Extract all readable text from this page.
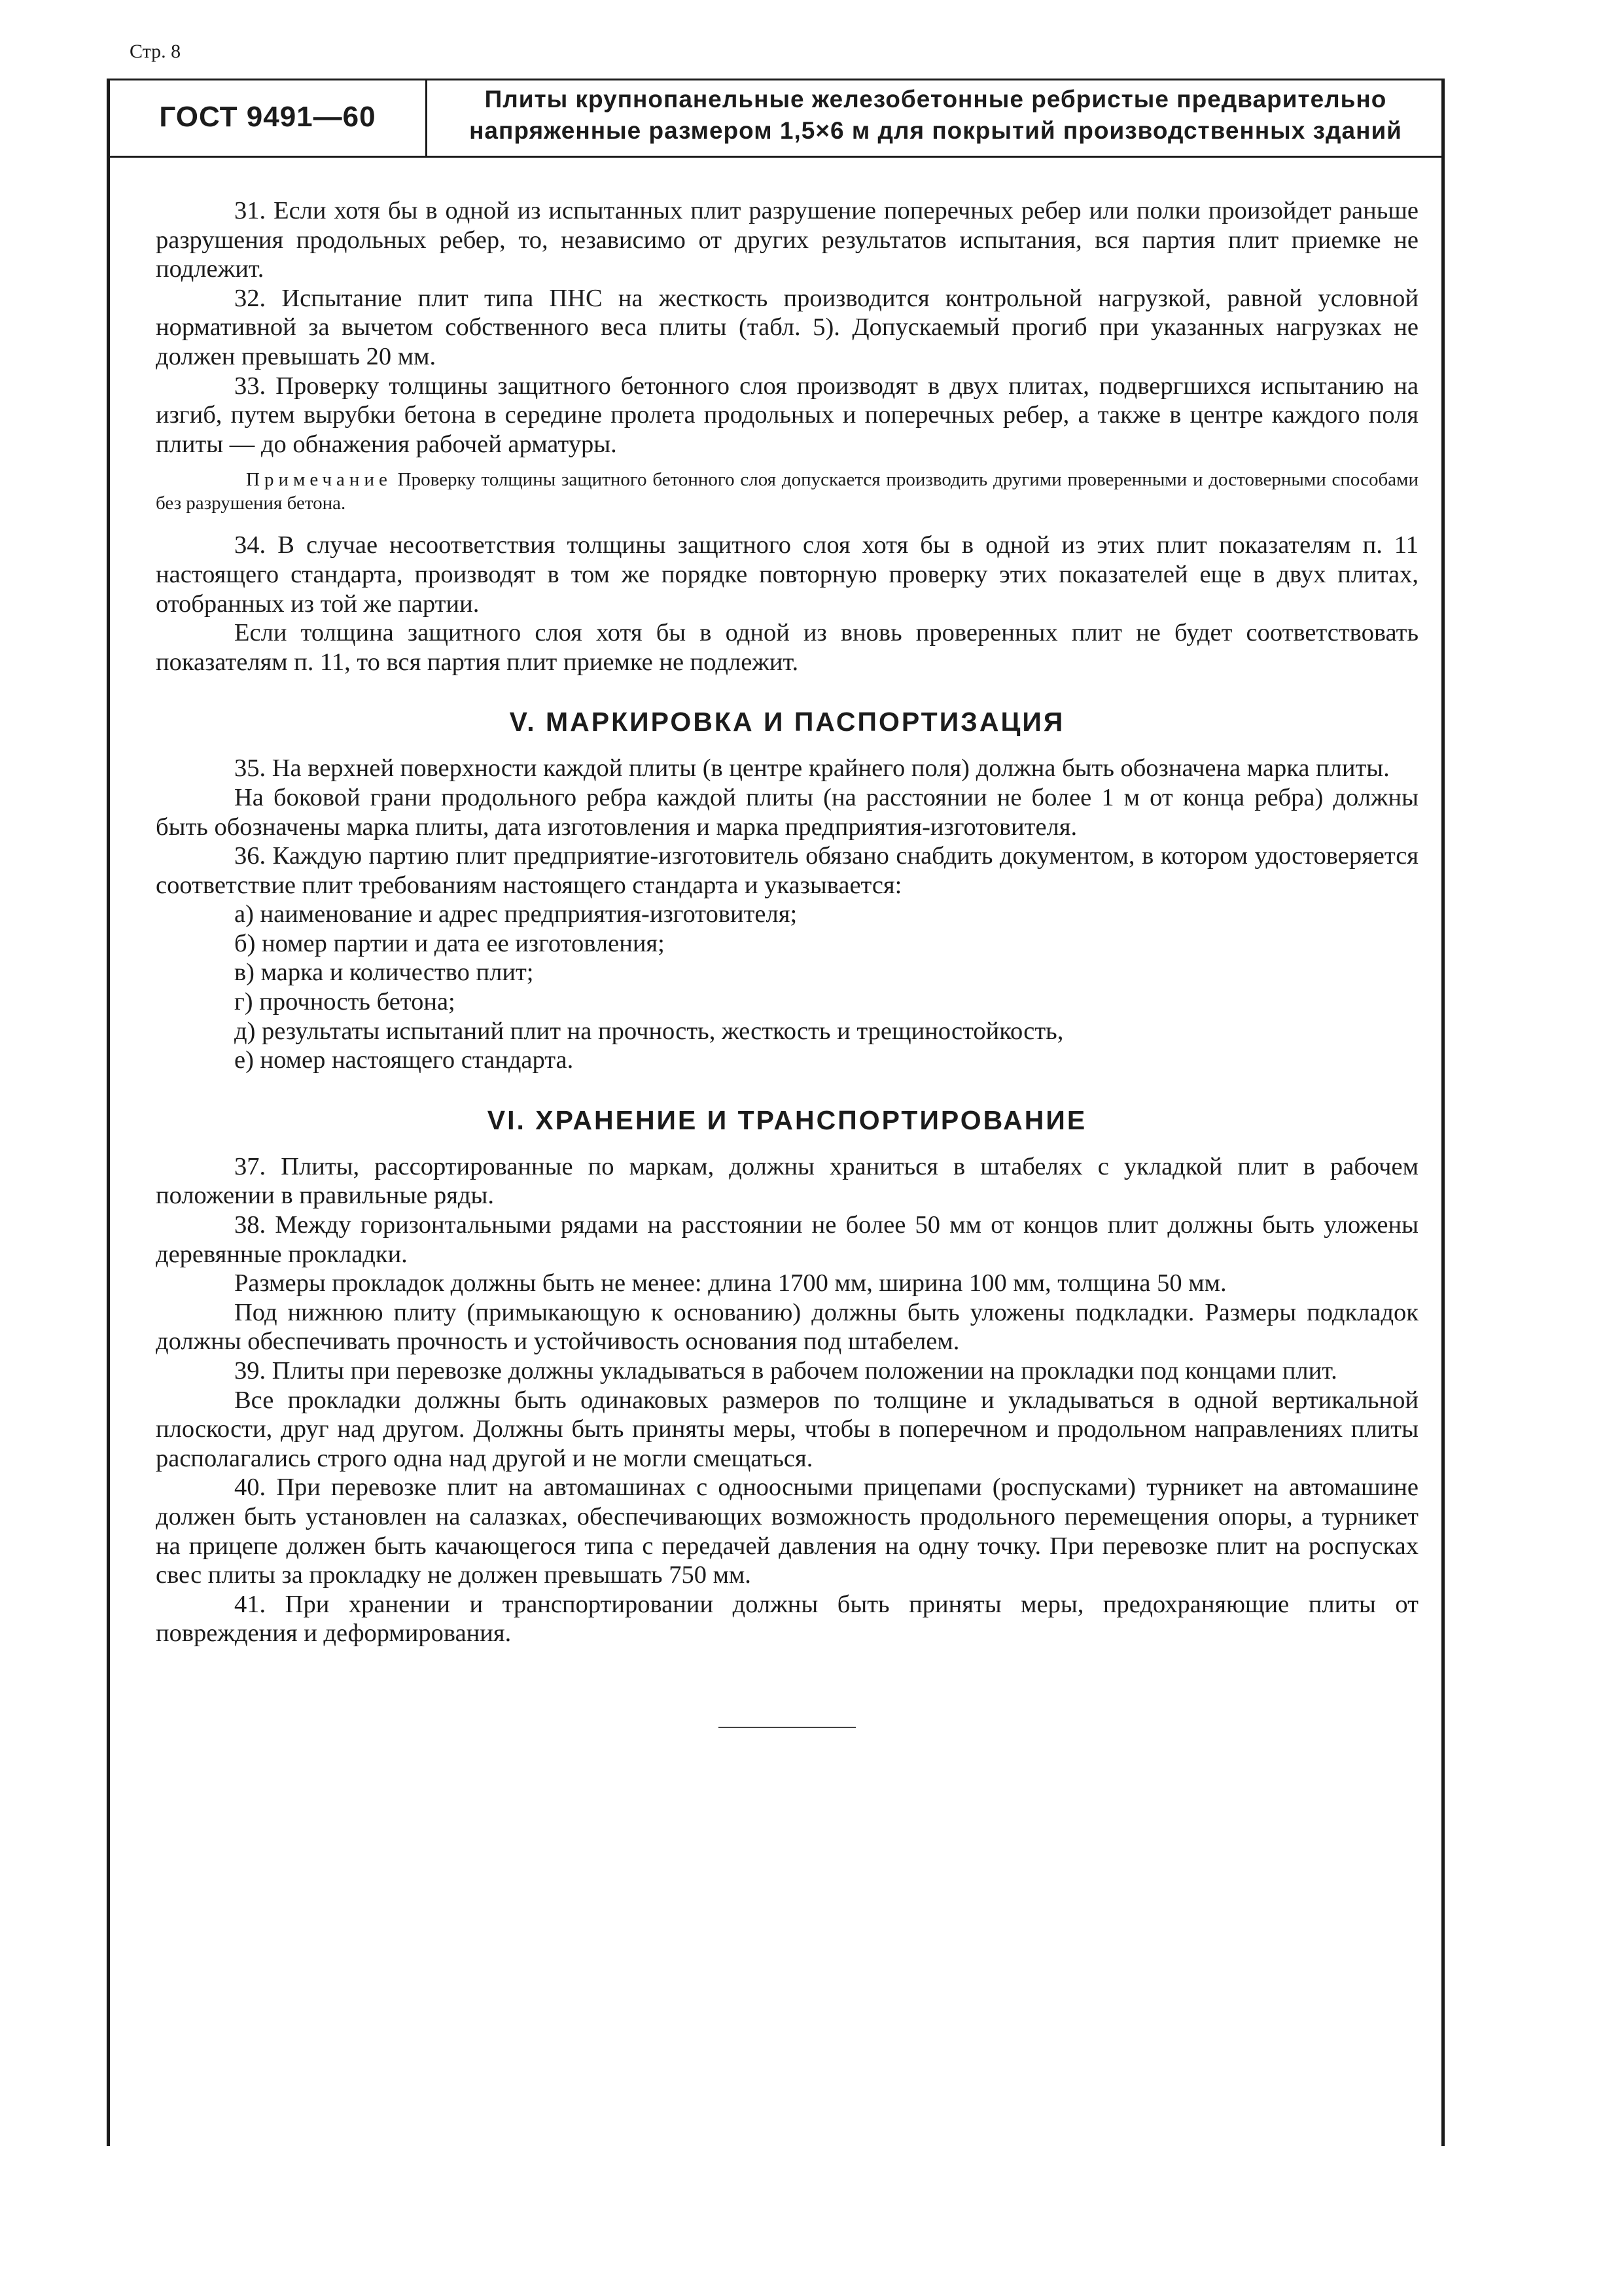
Стр. 8
ГОСТ 9491—60
Плиты крупнопанельные железобетонные ребристые предварительно
напряженные размером 1,5×6 м для покрытий производственных зданий

31. Если хотя бы в одной из испытанных плит разрушение поперечных ребер или полки произойдет раньше разрушения продольных ребер, то, независимо от других результатов испытания, вся партия плит приемке не подлежит.

32. Испытание плит типа ПНС на жесткость производится контрольной нагрузкой, равной условной нормативной за вычетом собственного веса плиты (табл. 5). Допускаемый прогиб при указанных нагрузках не должен превышать 20 мм.

33. Проверку толщины защитного бетонного слоя производят в двух плитах, подвергшихся испытанию на изгиб, путем вырубки бетона в середине пролета продольных и поперечных ребер, а также в центре каждого поля плиты — до обнажения рабочей арматуры.

Примечание Проверку толщины защитного бетонного слоя допускается производить другими проверенными и достоверными способами без разрушения бетона.

34. В случае несоответствия толщины защитного слоя хотя бы в одной из этих плит показателям п. 11 настоящего стандарта, производят в том же порядке повторную проверку этих показателей еще в двух плитах, отобранных из той же партии.

Если толщина защитного слоя хотя бы в одной из вновь проверенных плит не будет соответствовать показателям п. 11, то вся партия плит приемке не подлежит.

V. МАРКИРОВКА И ПАСПОРТИЗАЦИЯ

35. На верхней поверхности каждой плиты (в центре крайнего поля) должна быть обозначена марка плиты.

На боковой грани продольного ребра каждой плиты (на расстоянии не более 1 м от конца ребра) должны быть обозначены марка плиты, дата изготовления и марка предприятия-изготовителя.

36. Каждую партию плит предприятие-изготовитель обязано снабдить документом, в котором удостоверяется соответствие плит требованиям настоящего стандарта и указывается:

а) наименование и адрес предприятия-изготовителя;
б) номер партии и дата ее изготовления;
в) марка и количество плит;
г) прочность бетона;
д) результаты испытаний плит на прочность, жесткость и трещиностойкость,
е) номер настоящего стандарта.
VI. ХРАНЕНИЕ И ТРАНСПОРТИРОВАНИЕ

37. Плиты, рассортированные по маркам, должны храниться в штабелях с укладкой плит в рабочем положении в правильные ряды.

38. Между горизонтальными рядами на расстоянии не более 50 мм от концов плит должны быть уложены деревянные прокладки.

Размеры прокладок должны быть не менее: длина 1700 мм, ширина 100 мм, толщина 50 мм.

Под нижнюю плиту (примыкающую к основанию) должны быть уложены подкладки. Размеры подкладок должны обеспечивать прочность и устойчивость основания под штабелем.

39. Плиты при перевозке должны укладываться в рабочем положении на прокладки под концами плит.

Все прокладки должны быть одинаковых размеров по толщине и укладываться в одной вертикальной плоскости, друг над другом. Должны быть приняты меры, чтобы в поперечном и продольном направлениях плиты располагались строго одна над другой и не могли смещаться.

40. При перевозке плит на автомашинах с одноосными прицепами (роспусками) турникет на автомашине должен быть установлен на салазках, обеспечивающих возможность продольного перемещения опоры, а турникет на прицепе должен быть качающегося типа с передачей давления на одну точку. При перевозке плит на роспусках свес плиты за прокладку не должен превышать 750 мм.

41. При хранении и транспортировании должны быть приняты меры, предохраняющие плиты от повреждения и деформирования.
